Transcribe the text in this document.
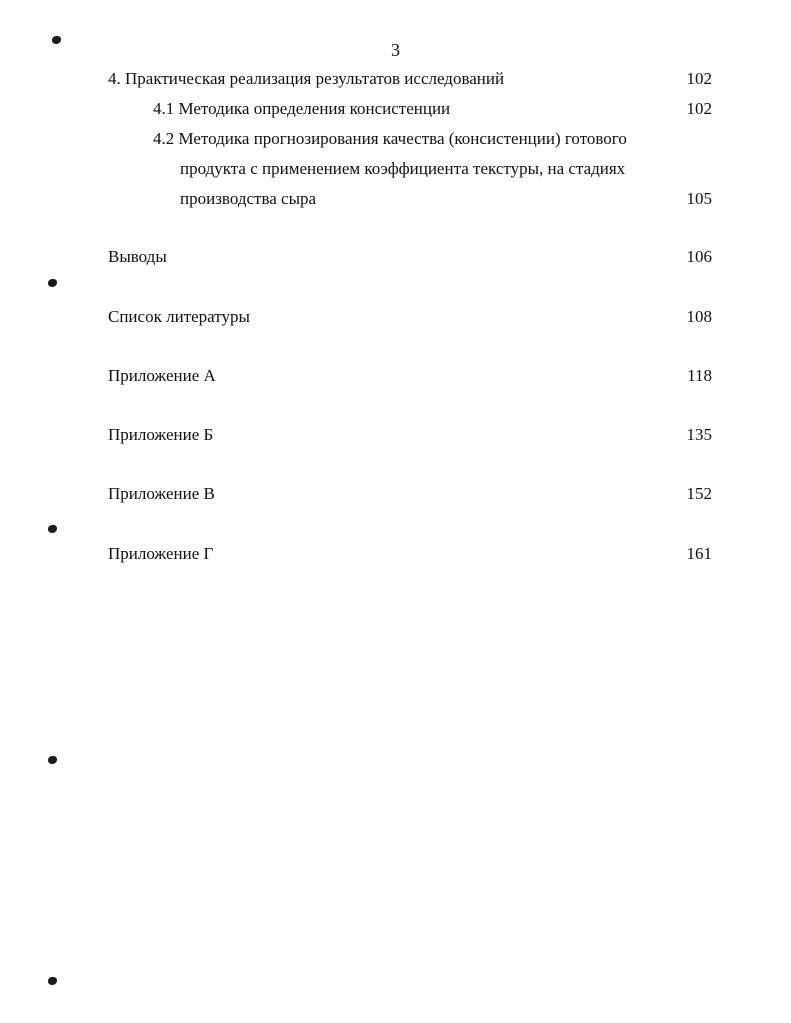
3
4. Практическая реализация результатов исследований	102
4.1 Методика определения консистенции	102
4.2 Методика прогнозирования качества (консистенции) готового
продукта с применением коэффициента текстуры, на стадиях
производства сыра	105
Выводы	106
Список литературы	108
Приложение А	118
Приложение Б	135
Приложение В	152
Приложение Г	161
